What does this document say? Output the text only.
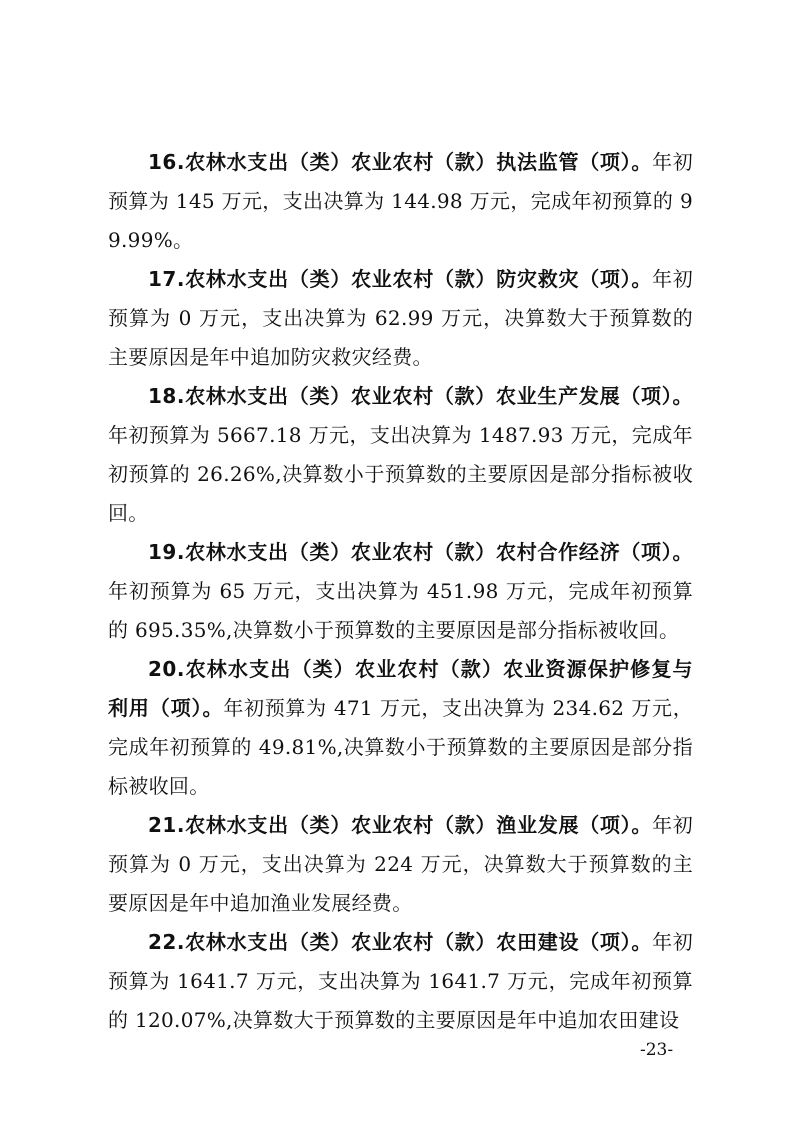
16.农林水支出（类）农业农村（款）执法监管（项）。年初预算为 145 万元，支出决算为 144.98 万元，完成年初预算的 99.99%。

17.农林水支出（类）农业农村（款）防灾救灾（项）。年初预算为 0 万元，支出决算为 62.99 万元，决算数大于预算数的主要原因是年中追加防灾救灾经费。

18.农林水支出（类）农业农村（款）农业生产发展（项）。年初预算为 5667.18 万元，支出决算为 1487.93 万元，完成年初预算的 26.26%,决算数小于预算数的主要原因是部分指标被收回。

19.农林水支出（类）农业农村（款）农村合作经济（项）。年初预算为 65 万元，支出决算为 451.98 万元，完成年初预算的 695.35%,决算数小于预算数的主要原因是部分指标被收回。

20.农林水支出（类）农业农村（款）农业资源保护修复与利用（项）。年初预算为 471 万元，支出决算为 234.62 万元，完成年初预算的 49.81%,决算数小于预算数的主要原因是部分指标被收回。

21.农林水支出（类）农业农村（款）渔业发展（项）。年初预算为 0 万元，支出决算为 224 万元，决算数大于预算数的主要原因是年中追加渔业发展经费。

22.农林水支出（类）农业农村（款）农田建设（项）。年初预算为 1641.7 万元，支出决算为 1641.7 万元，完成年初预算的 120.07%,决算数大于预算数的主要原因是年中追加农田建设

-23-
